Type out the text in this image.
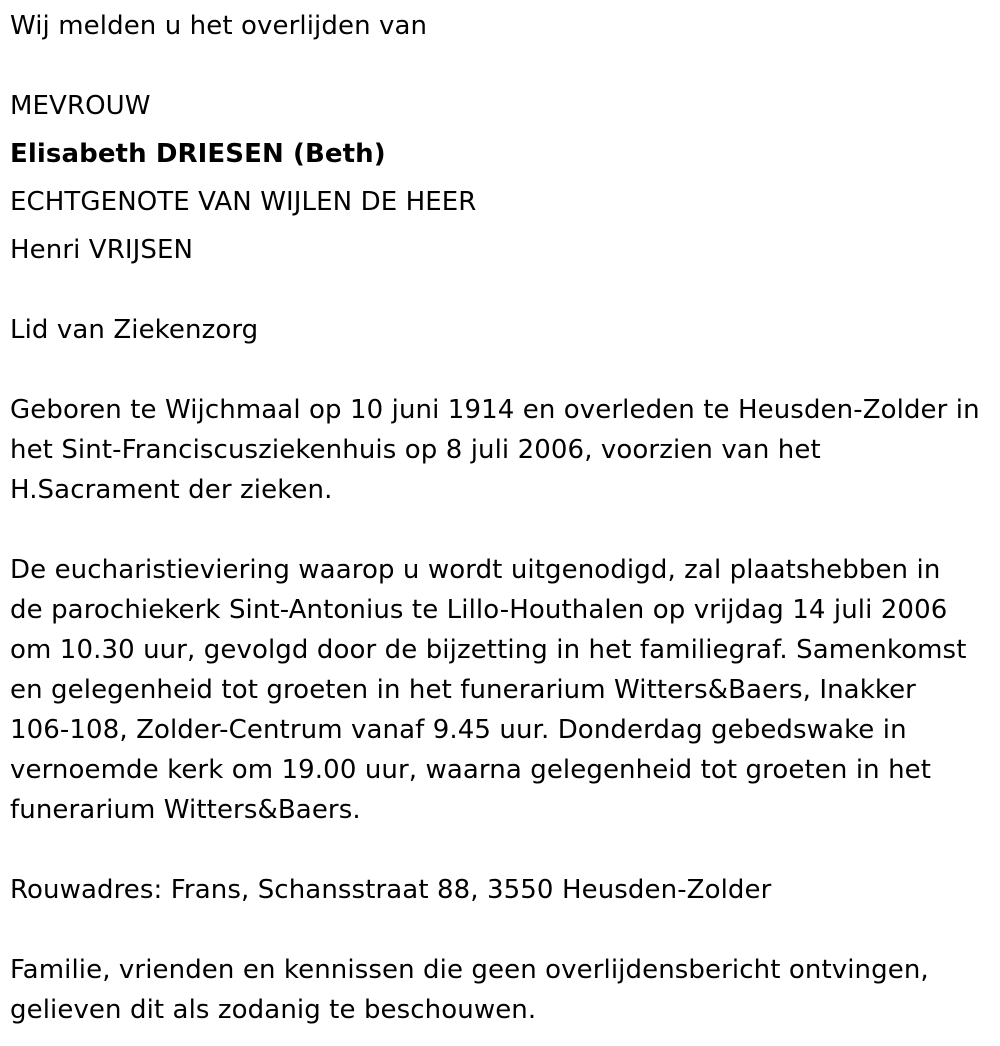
Wij melden u het overlijden van
MEVROUW
Elisabeth DRIESEN (Beth)
ECHTGENOTE VAN WIJLEN DE HEER
Henri VRIJSEN
Lid van Ziekenzorg
Geboren te Wijchmaal op 10 juni 1914 en overleden te Heusden-Zolder in
het Sint-Franciscusziekenhuis op 8 juli 2006, voorzien van het
H.Sacrament der zieken.
De eucharistieviering waarop u wordt uitgenodigd, zal plaatshebben in
de parochiekerk Sint-Antonius te Lillo-Houthalen op vrijdag 14 juli 2006
om 10.30 uur, gevolgd door de bijzetting in het familiegraf. Samenkomst
en gelegenheid tot groeten in het funerarium Witters&Baers, Inakker
106-108, Zolder-Centrum vanaf 9.45 uur. Donderdag gebedswake in
vernoemde kerk om 19.00 uur, waarna gelegenheid tot groeten in het
funerarium Witters&Baers.
Rouwadres: Frans, Schansstraat 88, 3550 Heusden-Zolder
Familie, vrienden en kennissen die geen overlijdensbericht ontvingen,
gelieven dit als zodanig te beschouwen.
